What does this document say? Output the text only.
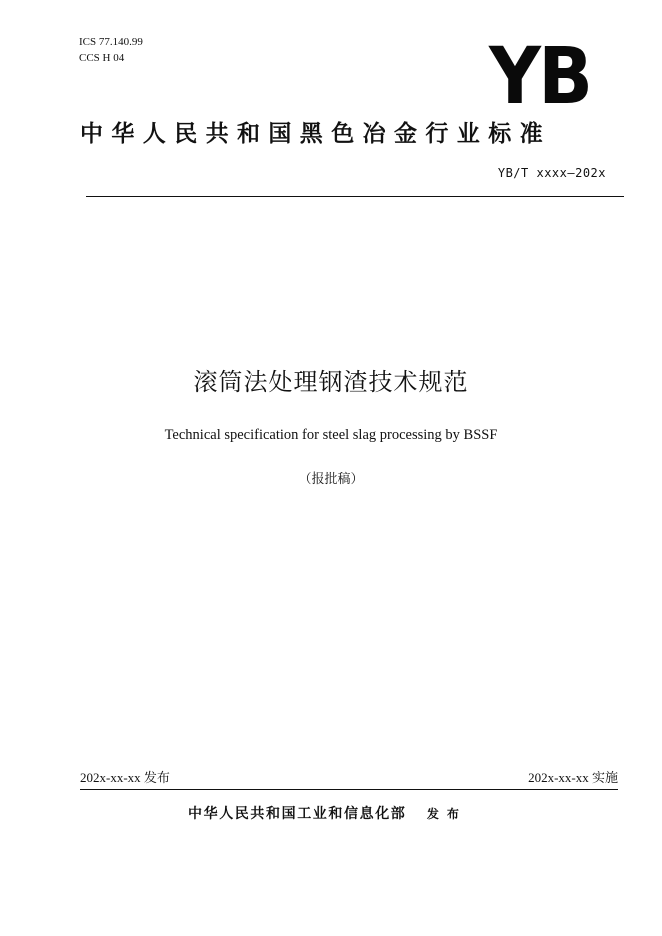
ICS 77.140.99
CCS H 04	YB
中华人民共和国黑色冶金行业标准
YB/T xxxx—202x
滚筒法处理钢渣技术规范
Technical specification for steel slag processing by BSSF
（报批稿）
202x-xx-xx 发布	202x-xx-xx 实施
中华人民共和国工业和信息化部 发布
